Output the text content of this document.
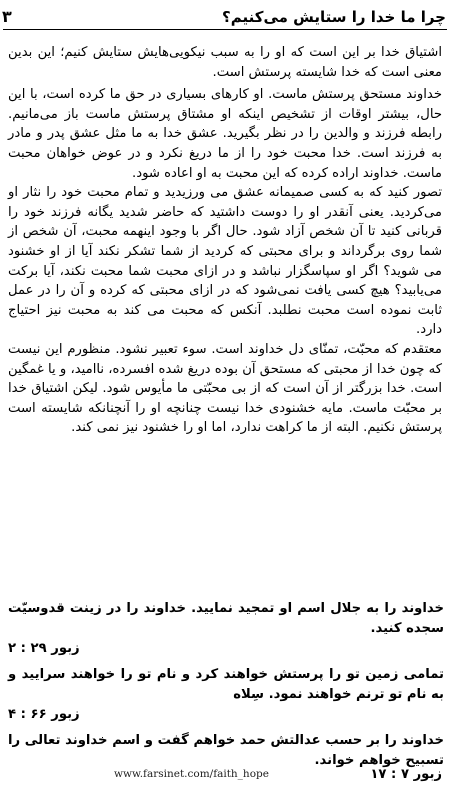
چرا ما خدا را ستایش می‌کنیم؟
۳

اشتیاق خدا بر این است که او را به سبب نیکویی‌هایش ستایش کنیم؛ این بدین معنی است که خدا شایسته پرستش است.

خداوند مستحق پرستش ماست. او کارهای بسیاری در حق ما کرده است، با این حال، بیشتر اوقات از تشخیص اینکه او مشتاق پرستش ماست باز می‌مانیم. رابطه فرزند و والدین را در نظر بگیرید. عشق خدا به ما مثل عشق پدر و مادر به فرزند است. خدا محبت خود را از ما دریغ نکرد و در عوض خواهان محبت ماست. خداوند اراده کرده که این محبت به او اعاده شود.

تصور کنید که به کسی صمیمانه عشق می ورزیدید و تمام محبت خود را نثار او می‌کردید. یعنی آنقدر او را دوست داشتید که حاضر شدید یگانه فرزند خود را قربانی کنید تا آن شخص آزاد شود. حال اگر با وجود اینهمه محبت، آن شخص از شما روی برگرداند و برای محبتی که کردید از شما تشکر نکند آیا از او خشنود می شوید؟ اگر او سپاسگزار نباشد و در ازای محبت شما محبت نکند، آیا برکت می‌یابید؟ هیچ کسی یافت نمی‌شود که در ازای محبتی که کرده و آن را در عمل ثابت نموده است محبت نطلبد. آنکس که محبت می کند به محبت نیز احتیاج دارد.

معتقدم که محبّت، تمنّای دل خداوند است. سوء تعبیر نشود. منظورم این نیست که چون خدا از محبتی که مستحق آن بوده دریغ شده افسرده، ناامید، و یا غمگین است. خدا بزرگتر از آن است که از بی محبّتی ما مأیوس شود. لیکن اشتیاق خدا بر محبّت ماست. مایه خشنودی خدا نیست چنانچه او را آنچنانکه شایسته است پرستش نکنیم. البته از ما کراهت ندارد، اما او را خشنود نیز نمی کند.

خداوند را به جلال اسم او تمجید نمایید. خداوند را در زینت قدوسیّت سجده کنید.

زبور ۲۹ : ۲

تمامی زمین تو را پرستش خواهند کرد و نام تو را خواهند سرایید و به نام تو ترنم خواهند نمود. سِلاه

زبور ۶۶ : ۴

خداوند را بر حسب عدالتش حمد خواهم گفت و اسم خداوند تعالی را تسبیح خواهم خواند.

زبور ۷ : ۱۷
www.farsinet.com/faith_hope
